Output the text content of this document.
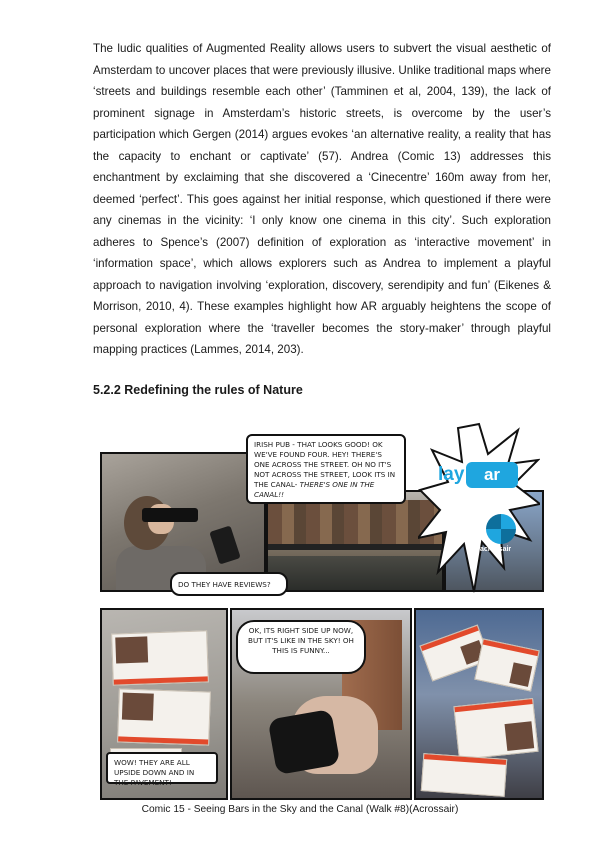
The ludic qualities of Augmented Reality allows users to subvert the visual aesthetic of Amsterdam to uncover places that were previously illusive. Unlike traditional maps where ‘streets and buildings resemble each other’ (Tamminen et al, 2004, 139), the lack of prominent signage in Amsterdam’s historic streets, is overcome by the user’s participation which Gergen (2014) argues evokes ‘an alternative reality, a reality that has the capacity to enchant or captivate’ (57). Andrea (Comic 13) addresses this enchantment by exclaiming that she discovered a ‘Cinecentre’ 160m away from her, deemed ‘perfect’. This goes against her initial response, which questioned if there were any cinemas in the vicinity: ‘I only know one cinema in this city’. Such exploration adheres to Spence’s (2007) definition of exploration as ‘interactive movement’ in ‘information space’, which allows explorers such as Andrea to implement a playful approach to navigation involving ‘exploration, discovery, serendipity and fun’ (Eikenes & Morrison, 2010, 4). These examples highlight how AR arguably heightens the scope of personal exploration where the ‘traveller becomes the story-maker’ through playful mapping practices (Lammes, 2014, 203).

5.2.2 Redefining the rules of Nature
lay	ar
acrossair
IRISH PUB - THAT LOOKS GOOD! OK WE'VE FOUND FOUR. HEY! THERE'S ONE ACROSS THE STREET. OH NO IT'S NOT ACROSS THE STREET, LOOK ITS IN THE CANAL- THERE'S ONE IN THE CANAL!!
DO THEY HAVE REVIEWS?
OK, ITS RIGHT SIDE UP NOW, BUT IT'S LIKE IN THE SKY! OH THIS IS FUNNY...
WOW! THEY ARE ALL UPSIDE DOWN AND IN THE PAVEMENT!

Comic 15 - Seeing Bars in the Sky and the Canal (Walk #8)(Acrossair)
